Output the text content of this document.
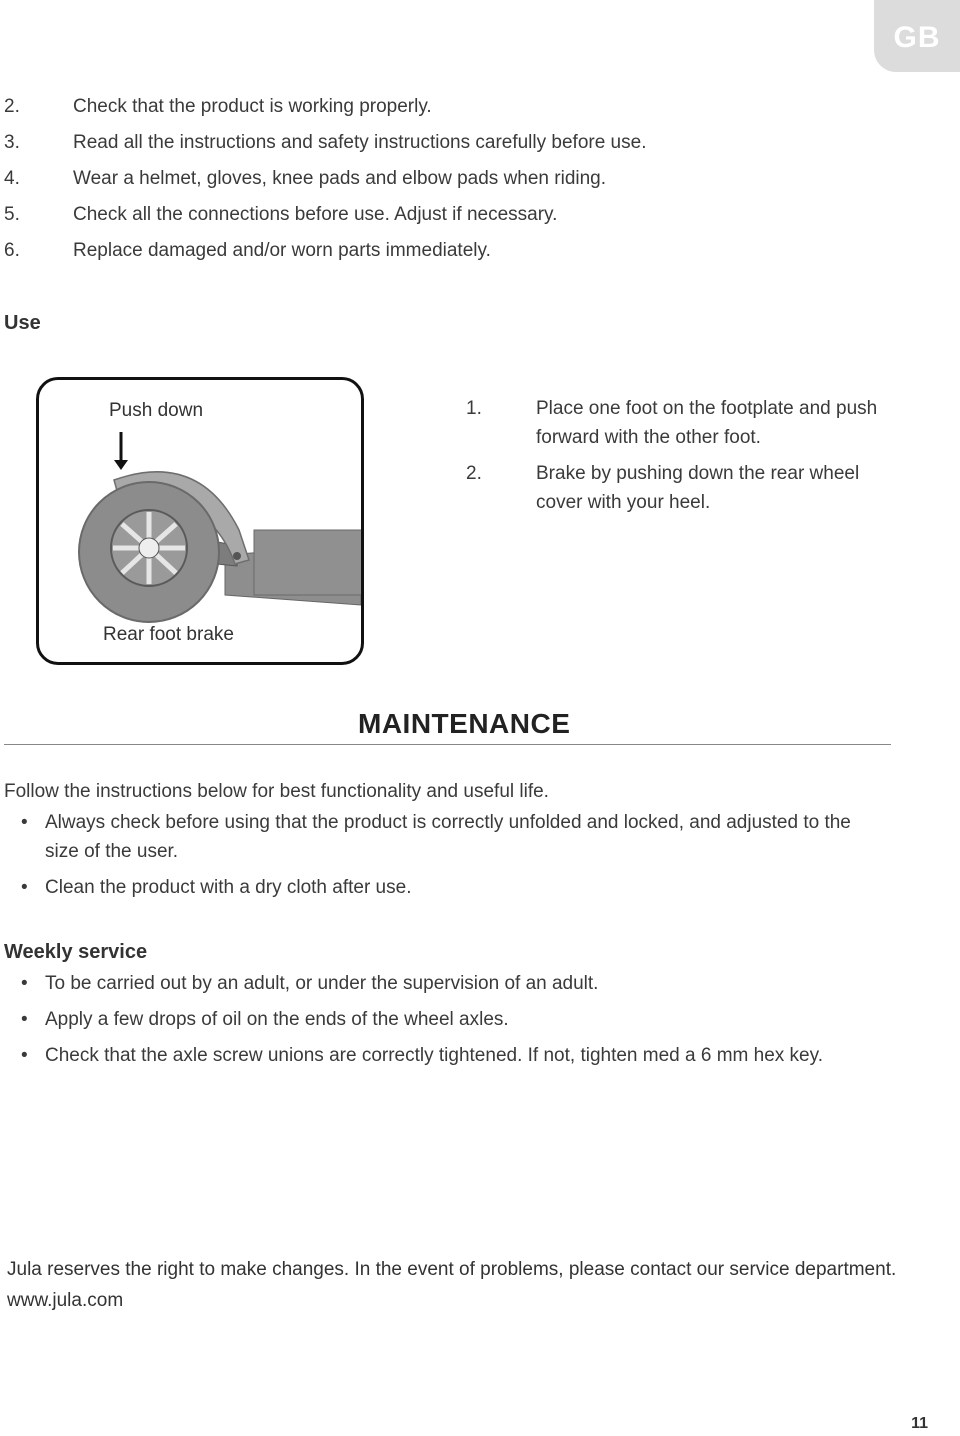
GB
2.	Check that the product is working properly.
3.	Read all the instructions and safety instructions carefully before use.
4.	Wear a helmet, gloves, knee pads and elbow pads when riding.
5.	Check all the connections before use. Adjust if necessary.
6.	Replace damaged and/or worn parts immediately.
Use
Push down
Rear foot brake
1.	Place one foot on the footplate and push forward with the other foot.
2.	Brake by pushing down the rear wheel cover with your heel.
MAINTENANCE

Follow the instructions below for best functionality and useful life.

• Always check before using that the product is correctly unfolded and locked, and adjusted to the size of the user.
• Clean the product with a dry cloth after use.
Weekly service
• To be carried out by an adult, or under the supervision of an adult.
• Apply a few drops of oil on the ends of the wheel axles.
• Check that the axle screw unions are correctly tightened. If not, tighten med a 6 mm hex key.
Jula reserves the right to make changes. In the event of problems, please contact our service department.
www.jula.com
11
